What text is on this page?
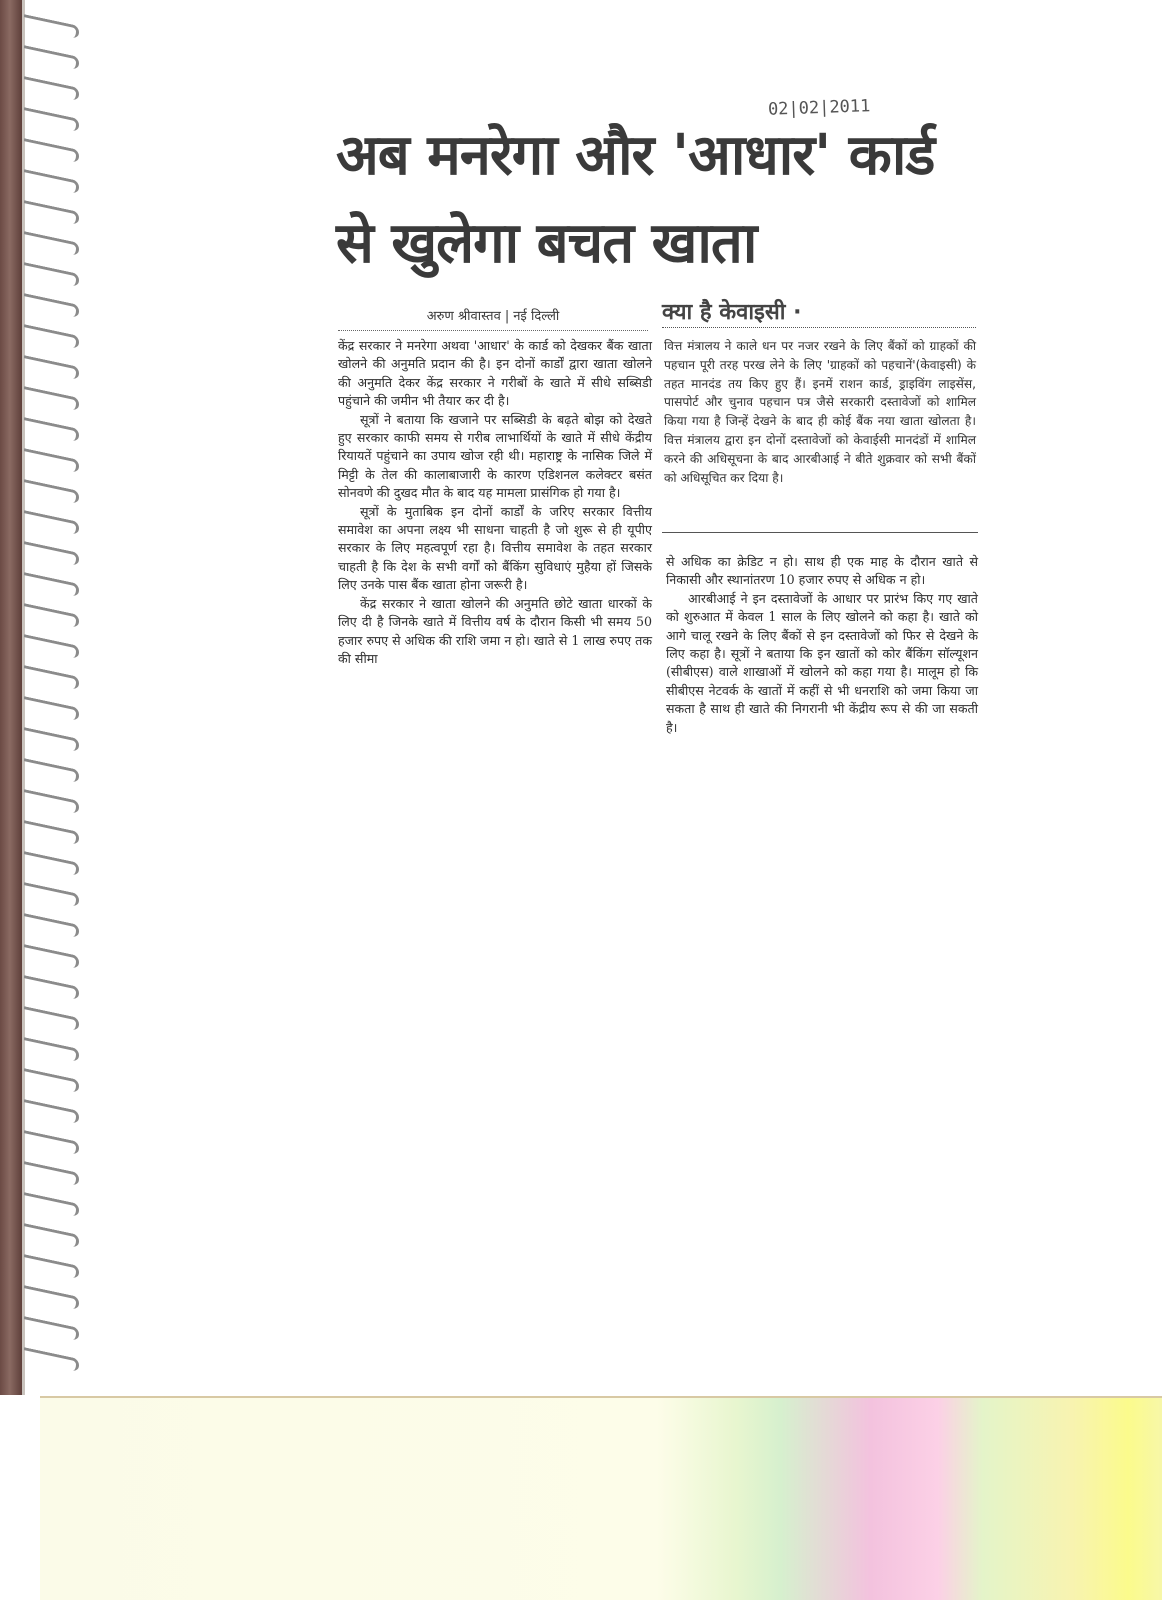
02|02|2011
अब मनरेगा और 'आधार' कार्ड से खुलेगा बचत खाता
अरुण श्रीवास्तव | नई दिल्ली

केंद्र सरकार ने मनरेगा अथवा 'आधार' के कार्ड को देखकर बैंक खाता खोलने की अनुमति प्रदान की है। इन दोनों कार्डों द्वारा खाता खोलने की अनुमति देकर केंद्र सरकार ने गरीबों के खाते में सीधे सब्सिडी पहुंचाने की जमीन भी तैयार कर दी है।

सूत्रों ने बताया कि खजाने पर सब्सिडी के बढ़ते बोझ को देखते हुए सरकार काफी समय से गरीब लाभार्थियों के खाते में सीधे केंद्रीय रियायतें पहुंचाने का उपाय खोज रही थी। महाराष्ट्र के नासिक जिले में मिट्टी के तेल की कालाबाजारी के कारण एडिशनल कलेक्टर बसंत सोनवणे की दुखद मौत के बाद यह मामला प्रासंगिक हो गया है।

सूत्रों के मुताबिक इन दोनों कार्डों के जरिए सरकार वित्तीय समावेश का अपना लक्ष्य भी साधना चाहती है जो शुरू से ही यूपीए सरकार के लिए महत्वपूर्ण रहा है। वित्तीय समावेश के तहत सरकार चाहती है कि देश के सभी वर्गों को बैंकिंग सुविधाएं मुहैया हों जिसके लिए उनके पास बैंक खाता होना जरूरी है।

केंद्र सरकार ने खाता खोलने की अनुमति छोटे खाता धारकों के लिए दी है जिनके खाते में वित्तीय वर्ष के दौरान किसी भी समय 50 हजार रुपए से अधिक की राशि जमा न हो। खाते से 1 लाख रुपए तक की सीमा

क्या है केवाइसी ·
वित्त मंत्रालय ने काले धन पर नजर रखने के लिए बैंकों को ग्राहकों की पहचान पूरी तरह परख लेने के लिए 'ग्राहकों को पहचानें'(केवाइसी) के तहत मानदंड तय किए हुए हैं। इनमें राशन कार्ड, ड्राइविंग लाइसेंस, पासपोर्ट और चुनाव पहचान पत्र जैसे सरकारी दस्तावेजों को शामिल किया गया है जिन्हें देखने के बाद ही कोई बैंक नया खाता खोलता है। वित्त मंत्रालय द्वारा इन दोनों दस्तावेजों को केवाईसी मानदंडों में शामिल करने की अधिसूचना के बाद आरबीआई ने बीते शुक्रवार को सभी बैंकों को अधिसूचित कर दिया है।

से अधिक का क्रेडिट न हो। साथ ही एक माह के दौरान खाते से निकासी और स्थानांतरण 10 हजार रुपए से अधिक न हो।

आरबीआई ने इन दस्तावेजों के आधार पर प्रारंभ किए गए खाते को शुरुआत में केवल 1 साल के लिए खोलने को कहा है। खाते को आगे चालू रखने के लिए बैंकों से इन दस्तावेजों को फिर से देखने के लिए कहा है। सूत्रों ने बताया कि इन खातों को कोर बैंकिंग सॉल्यूशन (सीबीएस) वाले शाखाओं में खोलने को कहा गया है। मालूम हो कि सीबीएस नेटवर्क के खातों में कहीं से भी धनराशि को जमा किया जा सकता है साथ ही खाते की निगरानी भी केंद्रीय रूप से की जा सकती है।
